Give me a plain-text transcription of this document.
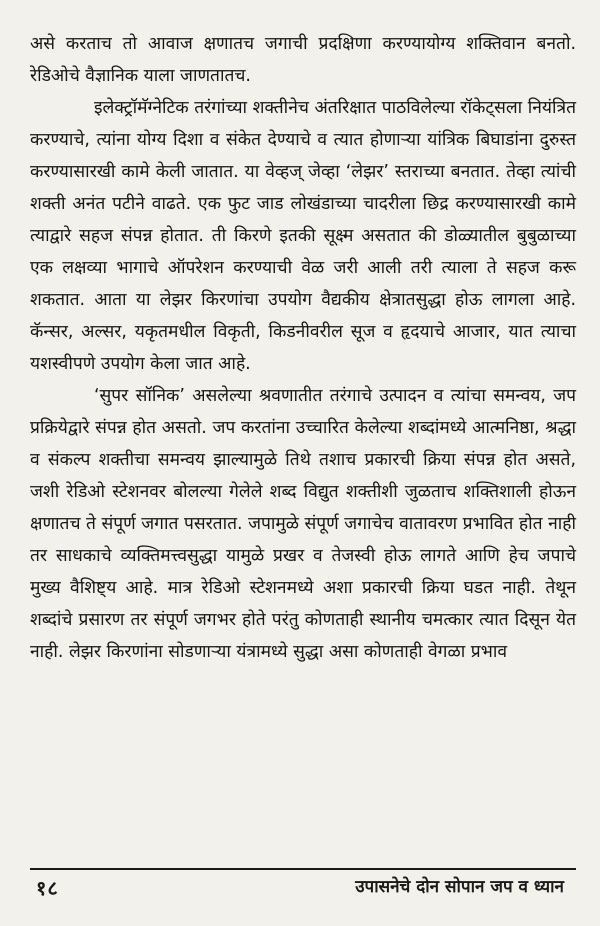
असे करताच तो आवाज क्षणातच जगाची प्रदक्षिणा करण्यायोग्य शक्तिवान बनतो. रेडिओचे वैज्ञानिक याला जाणतातच.

इलेक्ट्रॉमॅग्नेटिक तरंगांच्या शक्तीनेच अंतरिक्षात पाठविलेल्या रॉकेट्सला नियंत्रित करण्याचे, त्यांना योग्य दिशा व संकेत देण्याचे व त्यात होणाऱ्या यांत्रिक बिघाडांना दुरुस्त करण्यासारखी कामे केली जातात. या वेव्हज् जेव्हा ‘लेझर’ स्तराच्या बनतात. तेव्हा त्यांची शक्ती अनंत पटीने वाढते. एक फुट जाड लोखंडाच्या चादरीला छिद्र करण्यासारखी कामे त्याद्वारे सहज संपन्न होतात. ती किरणे इतकी सूक्ष्म असतात की डोळ्यातील बुबुळाच्या एक लक्षव्या भागाचे ऑपरेशन करण्याची वेळ जरी आली तरी त्याला ते सहज करू शकतात. आता या लेझर किरणांचा उपयोग वैद्यकीय क्षेत्रातसुद्धा होऊ लागला आहे. कॅन्सर, अल्सर, यकृतमधील विकृती, किडनीवरील सूज व हृदयाचे आजार, यात त्याचा यशस्वीपणे उपयोग केला जात आहे.

‘सुपर सॉनिक’ असलेल्या श्रवणातीत तरंगाचे उत्पादन व त्यांचा समन्वय, जप प्रक्रियेद्वारे संपन्न होत असतो. जप करतांना उच्चारित केलेल्या शब्दांमध्ये आत्मनिष्ठा, श्रद्धा व संकल्प शक्तीचा समन्वय झाल्यामुळे तिथे तशाच प्रकारची क्रिया संपन्न होत असते, जशी रेडिओ स्टेशनवर बोलल्या गेलेले शब्द विद्युत शक्तीशी जुळताच शक्तिशाली होऊन क्षणातच ते संपूर्ण जगात पसरतात. जपामुळे संपूर्ण जगाचेच वातावरण प्रभावित होत नाही तर साधकाचे व्यक्तिमत्त्वसुद्धा यामुळे प्रखर व तेजस्वी होऊ लागते आणि हेच जपाचे मुख्य वैशिष्ट्य आहे. मात्र रेडिओ स्टेशनमध्ये अशा प्रकारची क्रिया घडत नाही. तेथून शब्दांचे प्रसारण तर संपूर्ण जगभर होते परंतु कोणताही स्थानीय चमत्कार त्यात दिसून येत नाही. लेझर किरणांना सोडणाऱ्या यंत्रामध्ये सुद्धा असा कोणताही वेगळा प्रभाव

१८	उपासनेचे दोन सोपान जप व ध्यान
